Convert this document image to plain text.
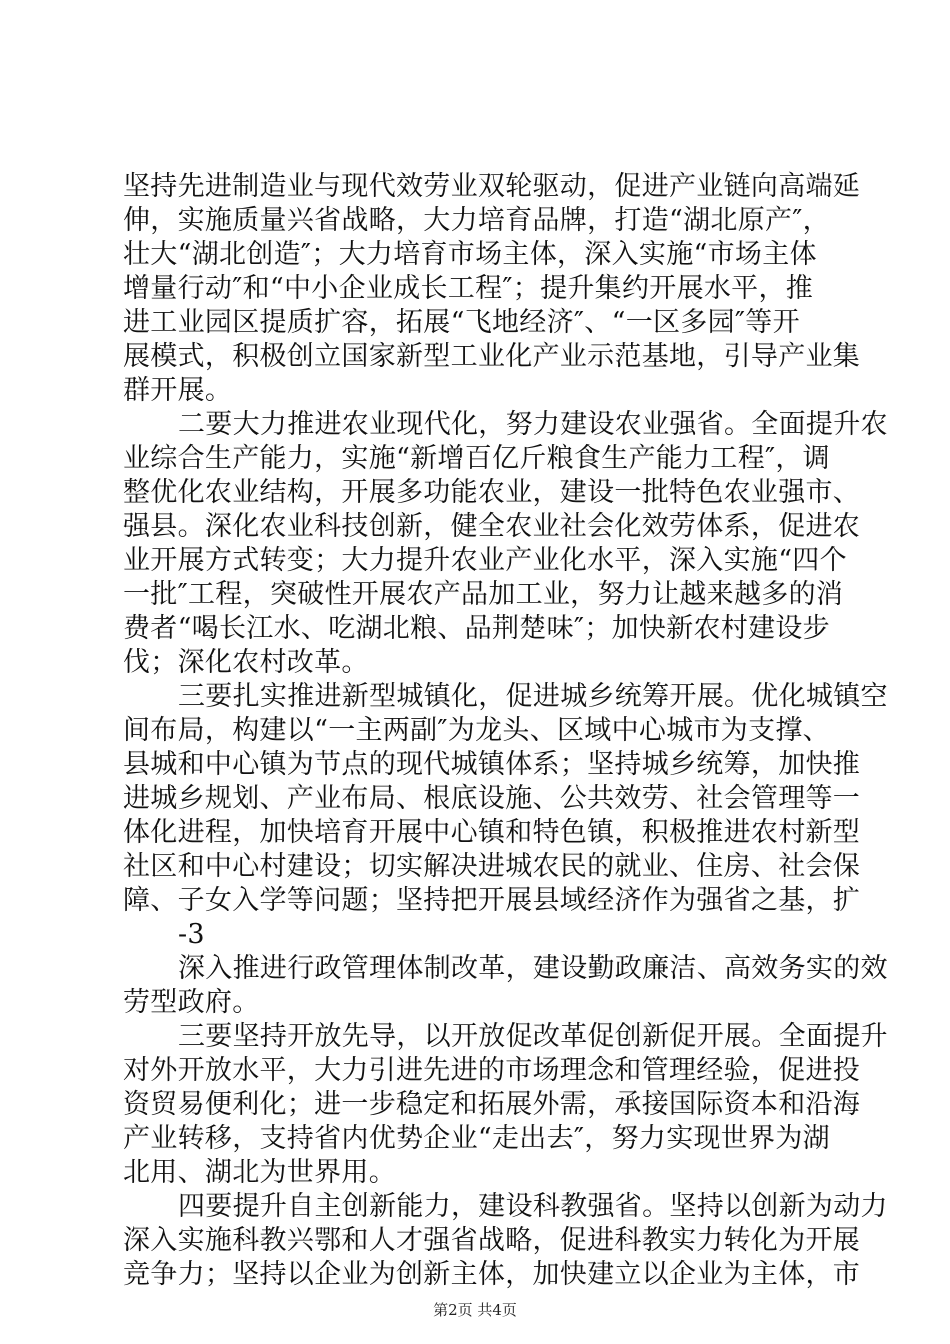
坚持先进制造业与现代效劳业双轮驱动，促进产业链向高端延
伸，实施质量兴省战略，大力培育品牌，打造“湖北原产″，
壮大“湖北创造″；大力培育市场主体，深入实施“市场主体
增量行动″和“中小企业成长工程″；提升集约开展水平，推
进工业园区提质扩容，拓展“飞地经济″、“一区多园″等开
展模式，积极创立国家新型工业化产业示范基地，引导产业集
群开展。
二要大力推进农业现代化，努力建设农业强省。全面提升农
业综合生产能力，实施“新增百亿斤粮食生产能力工程″，调
整优化农业结构，开展多功能农业，建设一批特色农业强市、
强县。深化农业科技创新，健全农业社会化效劳体系，促进农
业开展方式转变；大力提升农业产业化水平，深入实施“四个
一批″工程，突破性开展农产品加工业，努力让越来越多的消
费者“喝长江水、吃湖北粮、品荆楚味″；加快新农村建设步
伐；深化农村改革。
三要扎实推进新型城镇化，促进城乡统筹开展。优化城镇空
间布局，构建以“一主两副″为龙头、区域中心城市为支撑、
县城和中心镇为节点的现代城镇体系；坚持城乡统筹，加快推
进城乡规划、产业布局、根底设施、公共效劳、社会管理等一
体化进程，加快培育开展中心镇和特色镇，积极推进农村新型
社区和中心村建设；切实解决进城农民的就业、住房、社会保
障、子女入学等问题；坚持把开展县域经济作为强省之基，扩
-3
深入推进行政管理体制改革，建设勤政廉洁、高效务实的效
劳型政府。
三要坚持开放先导，以开放促改革促创新促开展。全面提升
对外开放水平，大力引进先进的市场理念和管理经验，促进投
资贸易便利化；进一步稳定和拓展外需，承接国际资本和沿海
产业转移，支持省内优势企业“走出去″，努力实现世界为湖
北用、湖北为世界用。
四要提升自主创新能力，建设科教强省。坚持以创新为动力
深入实施科教兴鄂和人才强省战略，促进科教实力转化为开展
竞争力；坚持以企业为创新主体，加快建立以企业为主体，市
第2页 共4页
